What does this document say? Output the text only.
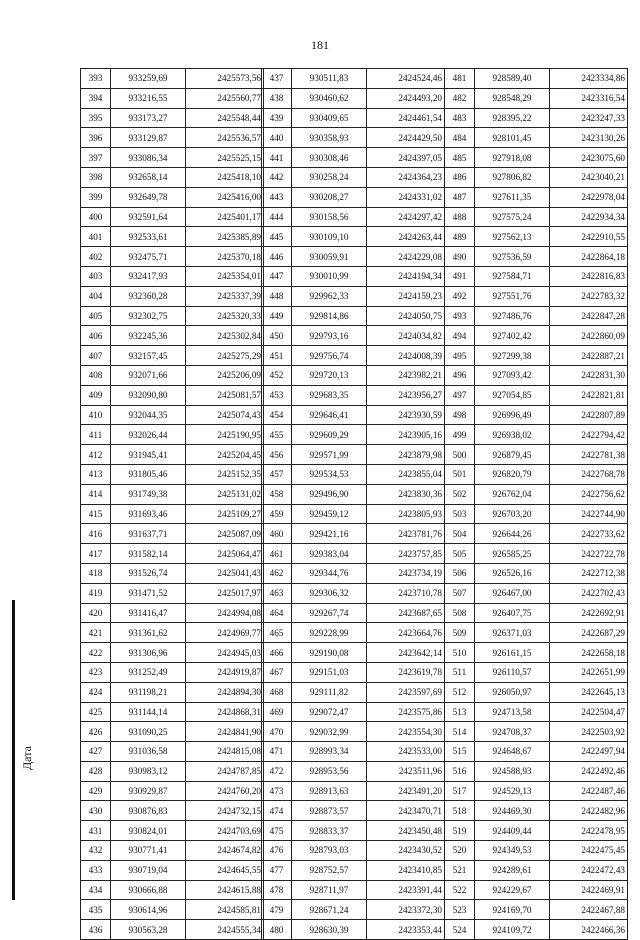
181
393	933259,69	2425573,56
394	933216,55	2425560,77
395	933173,27	2425548,44
396	933129,87	2425536,57
397	933086,34	2425525,15
398	932658,14	2425418,10
399	932649,78	2425416,00
400	932591,64	2425401,17
401	932533,61	2425385,89
402	932475,71	2425370,18
403	932417,93	2425354,01
404	932360,28	2425337,39
405	932302,75	2425320,33
406	932245,36	2425302,84
407	932157,45	2425275,29
408	932071,66	2425206,09
409	932090,80	2425081,57
410	932044,35	2425074,43
411	932026,44	2425190,95
412	931945,41	2425204,45
413	931805,46	2425152,35
414	931749,38	2425131,02
415	931693,46	2425109,27
416	931637,71	2425087,09
417	931582,14	2425064,47
418	931526,74	2425041,43
419	931471,52	2425017,97
420	931416,47	2424994,08
421	931361,62	2424969,77
422	931306,96	2424945,03
423	931252,49	2424919,87
424	931198,21	2424894,30
425	931144,14	2424868,31
426	931090,25	2424841,90
427	931036,58	2424815,08
428	930983,12	2424787,85
429	930929,87	2424760,20
430	930876,83	2424732,15
431	930824,01	2424703,69
432	930771,41	2424674,82
433	930719,04	2424645,55
434	930666,88	2424615,88
435	930614,96	2424585,81
436	930563,28	2424555,34
437	930511,83	2424524,46
438	930460,62	2424493,20
439	930409,65	2424461,54
440	930358,93	2424429,50
441	930308,46	2424397,05
442	930258,24	2424364,23
443	930208,27	2424331,02
444	930158,56	2424297,42
445	930109,10	2424263,44
446	930059,91	2424229,08
447	930010,99	2424194,34
448	929962,33	2424159,23
449	929814,86	2424050,75
450	929793,16	2424034,82
451	929756,74	2424008,39
452	929720,13	2423982,21
453	929683,35	2423956,27
454	929646,41	2423930,59
455	929609,29	2423905,16
456	929571,99	2423879,98
457	929534,53	2423855,04
458	929496,90	2423830,36
459	929459,12	2423805,93
460	929421,16	2423781,76
461	929383,04	2423757,85
462	929344,76	2423734,19
463	929306,32	2423710,78
464	929267,74	2423687,65
465	929228,99	2423664,76
466	929190,08	2423642,14
467	929151,03	2423619,78
468	929111,82	2423597,69
469	929072,47	2423575,86
470	929032,99	2423554,30
471	928993,34	2423533,00
472	928953,56	2423511,96
473	928913,63	2423491,20
474	928873,57	2423470,71
475	928833,37	2423450,48
476	928793,03	2423430,52
477	928752,57	2423410,85
478	928711,97	2423391,44
479	928671,24	2423372,30
480	928630,39	2423353,44
481	928589,40	2423334,86
482	928548,29	2423316,54
483	928395,22	2423247,33
484	928101,45	2423130,26
485	927918,08	2423075,60
486	927806,82	2423040,21
487	927611,35	2422978,04
488	927575,24	2422934,34
489	927562,13	2422910,55
490	927536,59	2422864,18
491	927584,71	2422816,83
492	927551,76	2422783,32
493	927486,76	2422847,28
494	927402,42	2422860,09
495	927299,38	2422887,21
496	927093,42	2422831,30
497	927054,85	2422821,81
498	926996,49	2422807,89
499	926938,02	2422794,42
500	926879,45	2422781,38
501	926820,79	2422768,78
502	926762,04	2422756,62
503	926703,20	2422744,90
504	926644,26	2422733,62
505	926585,25	2422722,78
506	926526,16	2422712,38
507	926467,00	2422702,43
508	926407,75	2422692,91
509	926371,03	2422687,29
510	926161,15	2422658,18
511	926110,57	2422651,99
512	926050,97	2422645,13
513	924713,58	2422504,47
514	924708,37	2422503,92
515	924648,67	2422497,94
516	924588,93	2422492,46
517	924529,13	2422487,46
518	924469,30	2422482,96
519	924409,44	2422478,95
520	924349,53	2422475,45
521	924289,61	2422472,43
522	924229,67	2422469,91
523	924169,70	2422467,88
524	924109,72	2422466,36
Дата
